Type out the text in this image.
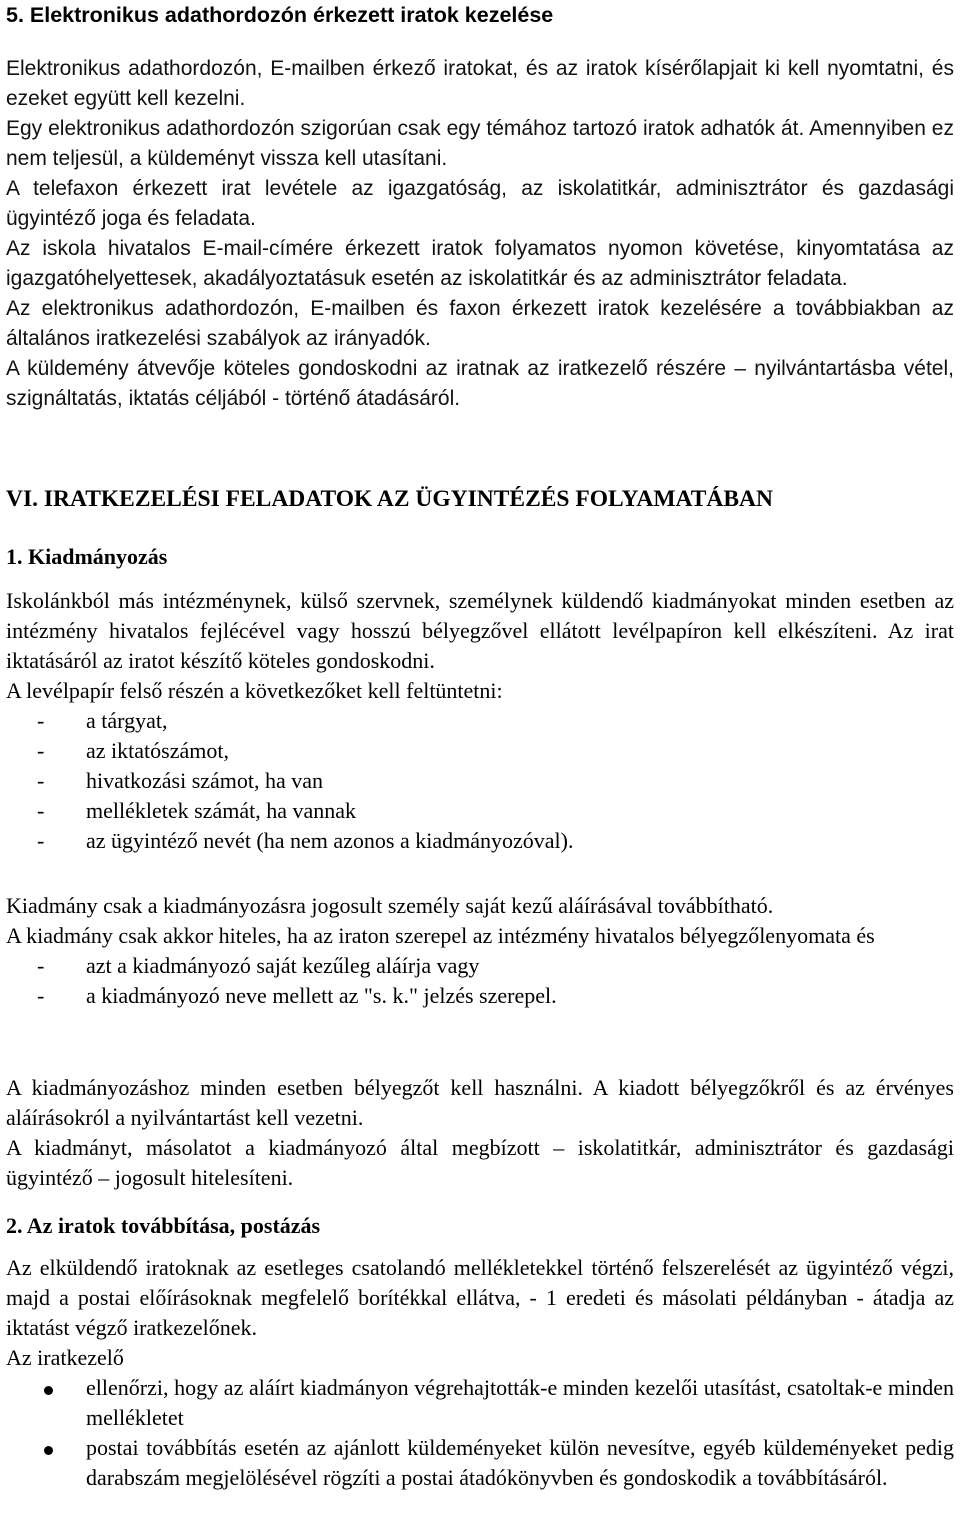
5. Elektronikus adathordozón érkezett iratok kezelése

Elektronikus adathordozón, E-mailben érkező iratokat, és az iratok kísérőlapjait ki kell nyomtatni, és ezeket együtt kell kezelni.

Egy elektronikus adathordozón szigorúan csak egy témához tartozó iratok adhatók át. Amennyiben ez nem teljesül, a küldeményt vissza kell utasítani.

A telefaxon érkezett irat levétele az igazgatóság, az iskolatitkár, adminisztrátor és gazdasági ügyintéző joga és feladata.

Az iskola hivatalos E-mail-címére érkezett iratok folyamatos nyomon követése, kinyomtatása az igazgatóhelyettesek, akadályoztatásuk esetén az iskolatitkár és az adminisztrátor feladata.

Az elektronikus adathordozón, E-mailben és faxon érkezett iratok kezelésére a továbbiakban az általános iratkezelési szabályok az irányadók.

A küldemény átvevője köteles gondoskodni az iratnak az iratkezelő részére – nyilvántartásba vétel, szignáltatás, iktatás céljából - történő átadásáról.

VI. IRATKEZELÉSI FELADATOK AZ ÜGYINTÉZÉS FOLYAMATÁBAN
1. Kiadmányozás

Iskolánkból más intézménynek, külső szervnek, személynek küldendő kiadmányokat minden esetben az intézmény hivatalos fejlécével vagy hosszú bélyegzővel ellátott levélpapíron kell elkészíteni. Az irat iktatásáról az iratot készítő köteles gondoskodni.

A levélpapír felső részén a következőket kell feltüntetni:

- a tárgyat,
- az iktatószámot,
- hivatkozási számot, ha van
- mellékletek számát, ha vannak
- az ügyintéző nevét (ha nem azonos a kiadmányozóval).

Kiadmány csak a kiadmányozásra jogosult személy saját kezű aláírásával továbbítható.

A kiadmány csak akkor hiteles, ha az iraton szerepel az intézmény hivatalos bélyegzőlenyomata és

- azt a kiadmányozó saját kezűleg aláírja vagy
- a kiadmányozó neve mellett az "s. k." jelzés szerepel.

A kiadmányozáshoz minden esetben bélyegzőt kell használni. A kiadott bélyegzőkről és az érvényes aláírásokról a nyilvántartást kell vezetni.

A kiadmányt, másolatot a kiadmányozó által megbízott – iskolatitkár, adminisztrátor és gazdasági ügyintéző – jogosult hitelesíteni.

2. Az iratok továbbítása, postázás

Az elküldendő iratoknak az esetleges csatolandó mellékletekkel történő felszerelését az ügyintéző végzi, majd a postai előírásoknak megfelelő borítékkal ellátva, - 1 eredeti és másolati példányban - átadja az iktatást végző iratkezelőnek.

Az iratkezelő

ellenőrzi, hogy az aláírt kiadmányon végrehajtották-e minden kezelői utasítást, csatoltak-e minden mellékletet
postai továbbítás esetén az ajánlott küldeményeket külön nevesítve, egyéb küldeményeket pedig darabszám megjelölésével rögzíti a postai átadókönyvben és gondoskodik a továbbításáról.
